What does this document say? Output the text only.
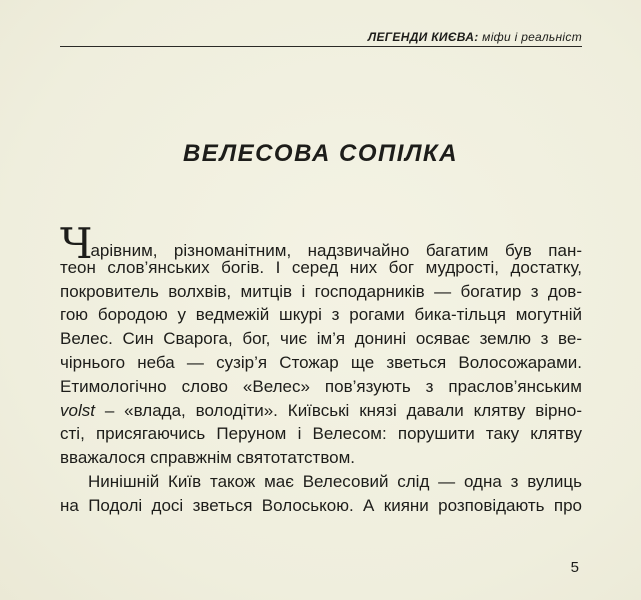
ЛЕГЕНДИ КИЄВА: міфи і реальніст
ВЕЛЕСОВА СОПІЛКА
Чарівним, різноманітним, надзвичайно багатим був пан-
теон слов’янських богів. І серед них бог мудрості, достатку,
покровитель волхвів, митців і господарників — богатир з дов-
гою бородою у ведмежій шкурі з рогами бика-тільця могутній
Велес. Син Сварога, бог, чиє ім’я донині осяває землю з ве-
чірнього неба — сузір’я Стожар ще зветься Волосожарами.
Етимологічно слово «Велес» пов’язують з праслов’янським
volst – «влада, володіти». Київські князі давали клятву вірно-
сті, присягаючись Перуном і Велесом: порушити таку клятву
вважалося справжнім святотатством.
Нинішній Київ також має Велесовий слід — одна з вулиць
на Подолі досі зветься Волоською. А кияни розповідають про
5
